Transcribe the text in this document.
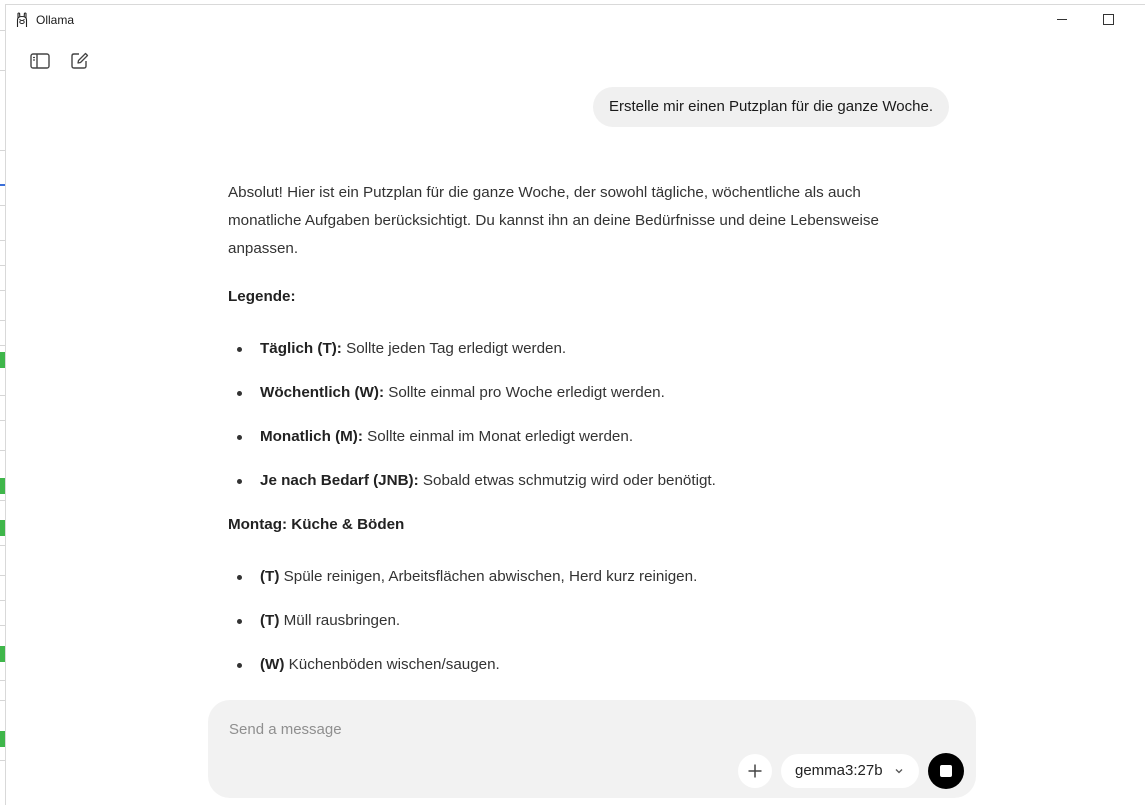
Ollama
Erstelle mir einen Putzplan für die ganze Woche.

Absolut! Hier ist ein Putzplan für die ganze Woche, der sowohl tägliche, wöchentliche als auch monatliche Aufgaben berücksichtigt. Du kannst ihn an deine Bedürfnisse und deine Lebensweise anpassen.

Legende:

Täglich (T): Sollte jeden Tag erledigt werden.
Wöchentlich (W): Sollte einmal pro Woche erledigt werden.
Monatlich (M): Sollte einmal im Monat erledigt werden.
Je nach Bedarf (JNB): Sobald etwas schmutzig wird oder benötigt.

Montag: Küche & Böden

(T) Spüle reinigen, Arbeitsflächen abwischen, Herd kurz reinigen.
(T) Müll rausbringen.
(W) Küchenböden wischen/saugen.
Send a message
gemma3:27b
